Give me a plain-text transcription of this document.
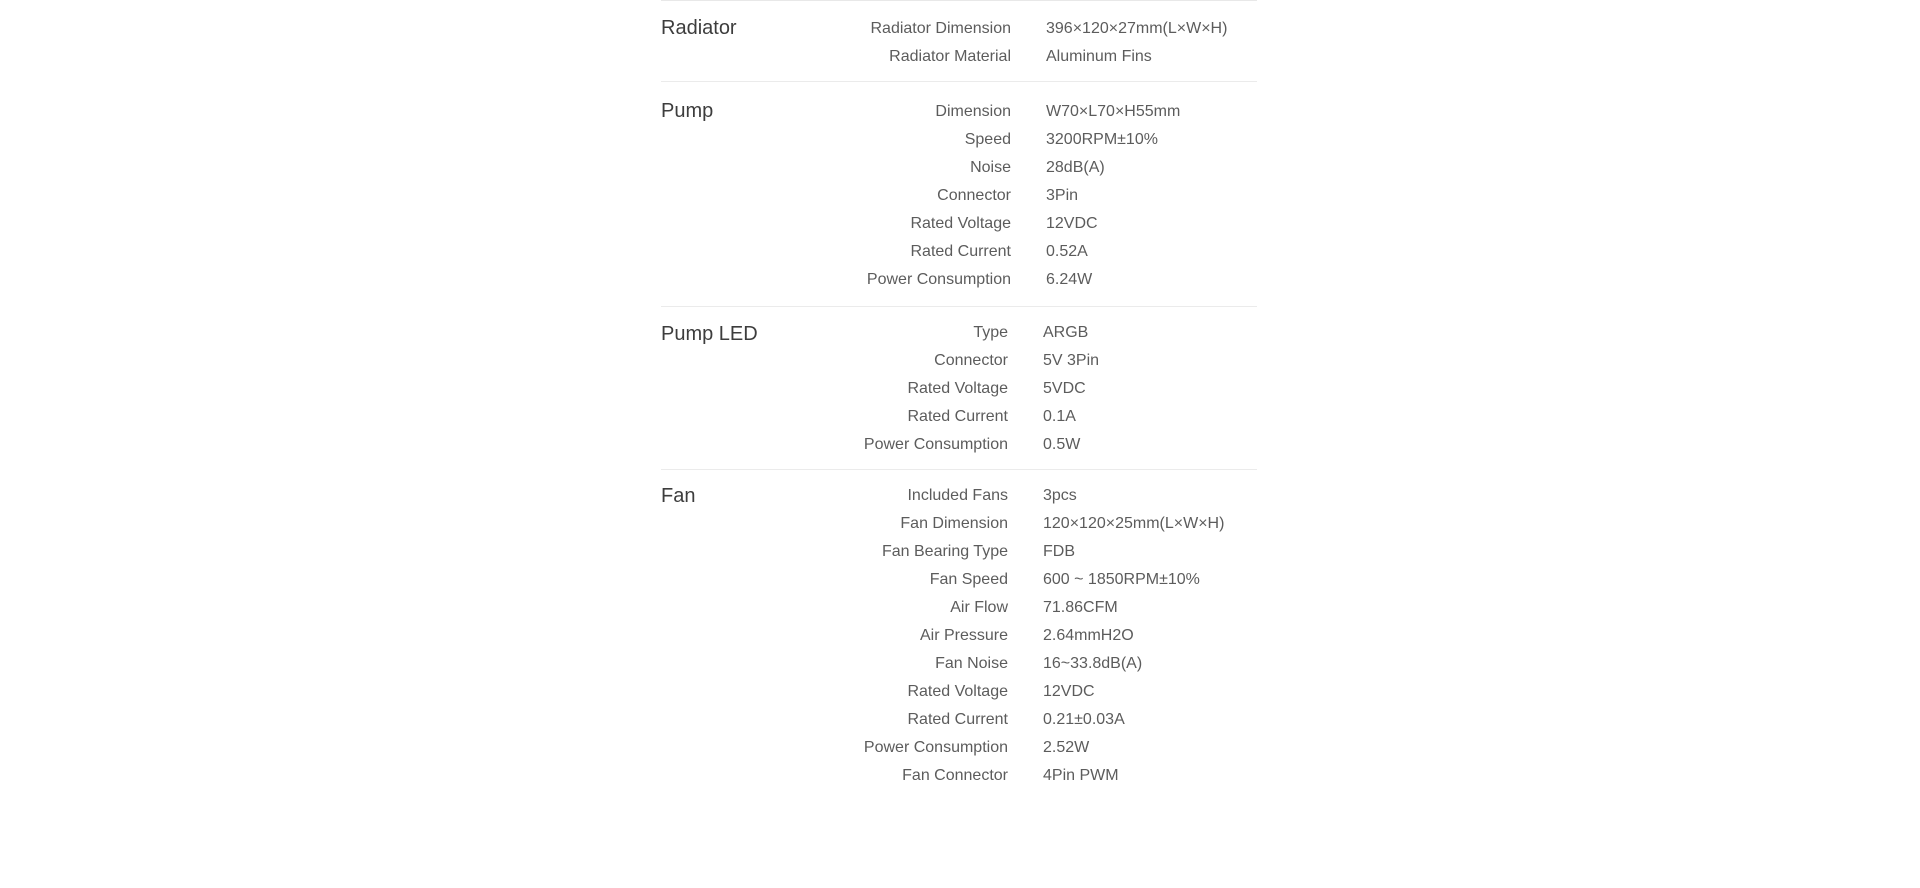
Radiator	Radiator Dimension 396×120×27mm(L×W×H)
Radiator Material Aluminum Fins
Pump	Dimension W70×L70×H55mm
Speed 3200RPM±10%
Noise 28dB(A)
Connector 3Pin
Rated Voltage 12VDC
Rated Current 0.52A
Power Consumption 6.24W
Pump LED	Type ARGB
Connector 5V 3Pin
Rated Voltage 5VDC
Rated Current 0.1A
Power Consumption 0.5W
Fan	Included Fans 3pcs
Fan Dimension 120×120×25mm(L×W×H)
Fan Bearing Type FDB
Fan Speed 600 ~ 1850RPM±10%
Air Flow 71.86CFM
Air Pressure 2.64mmH2O
Fan Noise 16~33.8dB(A)
Rated Voltage 12VDC
Rated Current 0.21±0.03A
Power Consumption 2.52W
Fan Connector 4Pin PWM
